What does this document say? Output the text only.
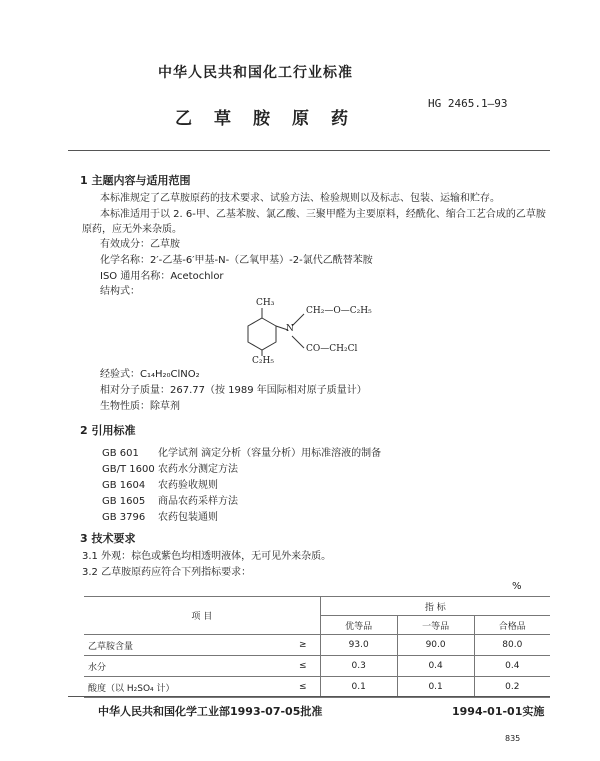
中华人民共和国化工行业标准
乙草胺原药
HG 2465.1—93
1 主题内容与适用范围
本标准规定了乙草胺原药的技术要求、试验方法、检验规则以及标志、包装、运输和贮存。
本标准适用于以 2. 6-甲、乙基苯胺、氯乙酸、三聚甲醛为主要原料，经酰化、缩合工艺合成的乙草胺
原药，应无外来杂质。
有效成分：乙草胺
化学名称：2′-乙基-6′甲基-N-（乙氧甲基）-2-氯代乙酰替苯胺
ISO 通用名称：Acetochlor
结构式：
CH₃
N
CH₂—O—C₂H₅
CO—CH₂Cl
C₂H₅
经验式：C₁₄H₂₀ClNO₂
相对分子质量：267.77（按 1989 年国际相对原子质量计）
生物性质：除草剂
2 引用标准
GB 601 化学试剂 滴定分析（容量分析）用标准溶液的制备
GB/T 1600 农药水分测定方法
GB 1604 农药验收规则
GB 1605 商品农药采样方法
GB 3796 农药包装通则
3 技术要求
3.1 外观：棕色或紫色均相透明液体，无可见外来杂质。
3.2 乙草胺原药应符合下列指标要求：
%
项 目		指 标		
		优等品	一等品	合格品
乙草胺含量	≥	93.0	90.0	80.0
水分	≤	0.3	0.4	0.4
酸度（以 H₂SO₄ 计）	≤	0.1	0.1	0.2
中华人民共和国化学工业部1993-07-05批准	1994-01-01实施
835
